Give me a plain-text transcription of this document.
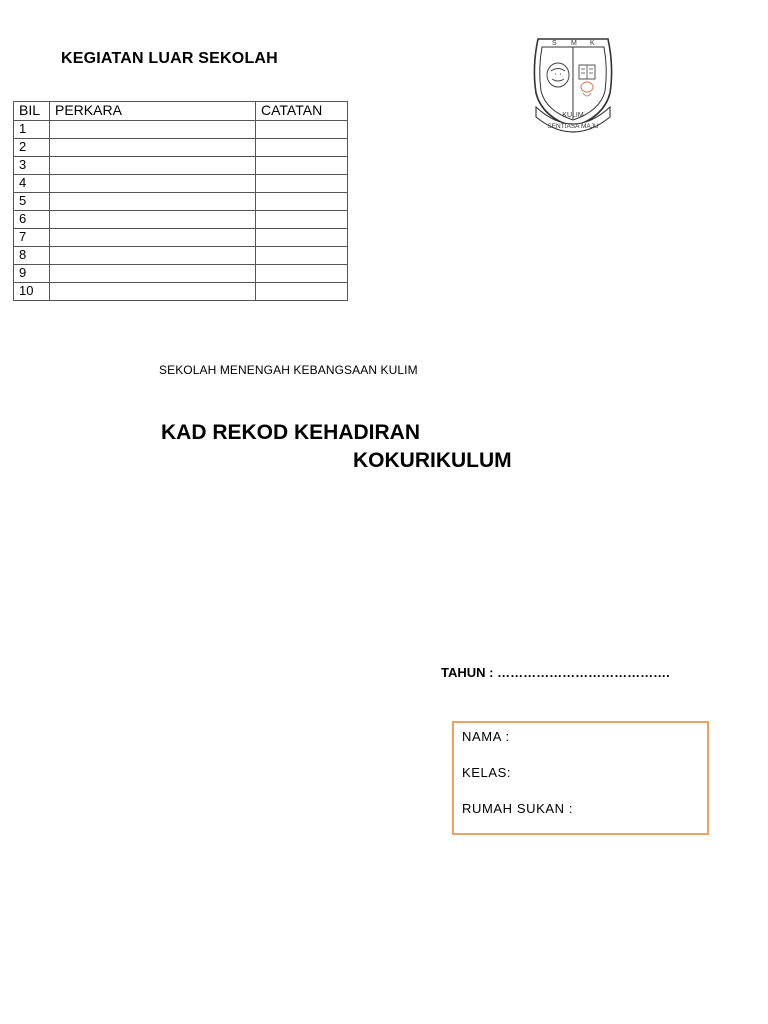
KEGIATAN LUAR SEKOLAH
BIL	PERKARA	CATATAN
1		
2		
3		
4		
5		
6		
7		
8		
9		
10		
S M K
KULIM
SENTIASA MAJU
SEKOLAH MENENGAH KEBANGSAAN KULIM
KAD REKOD KEHADIRAN
KOKURIKULUM
TAHUN : ………………………………….
NAMA :
KELAS:
RUMAH SUKAN :
